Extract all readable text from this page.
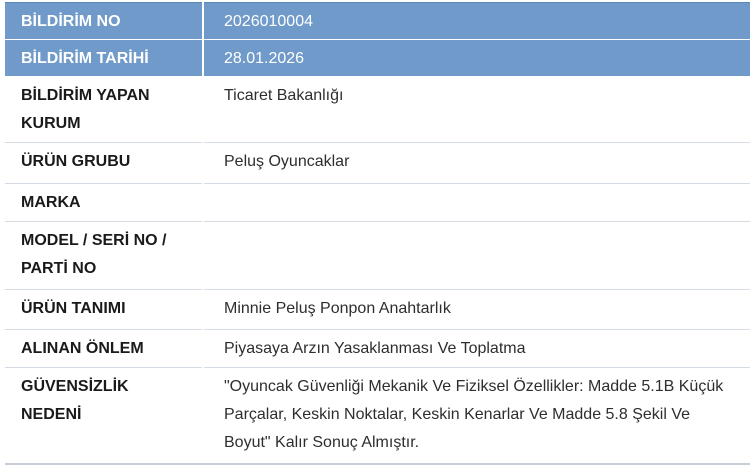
BİLDİRİM NO	2026010004
BİLDİRİM TARİHİ	28.01.2026
BİLDİRİM YAPAN KURUM	Ticaret Bakanlığı
ÜRÜN GRUBU	Peluş Oyuncaklar
MARKA	
MODEL / SERİ NO / PARTİ NO	
ÜRÜN TANIMI	Minnie Peluş Ponpon Anahtarlık
ALINAN ÖNLEM	Piyasaya Arzın Yasaklanması Ve Toplatma
GÜVENSİZLİK NEDENİ	"Oyuncak Güvenliği Mekanik Ve Fiziksel Özellikler: Madde 5.1B Küçük Parçalar, Keskin Noktalar, Keskin Kenarlar Ve Madde 5.8 Şekil Ve Boyut" Kalır Sonuç Almıştır.
